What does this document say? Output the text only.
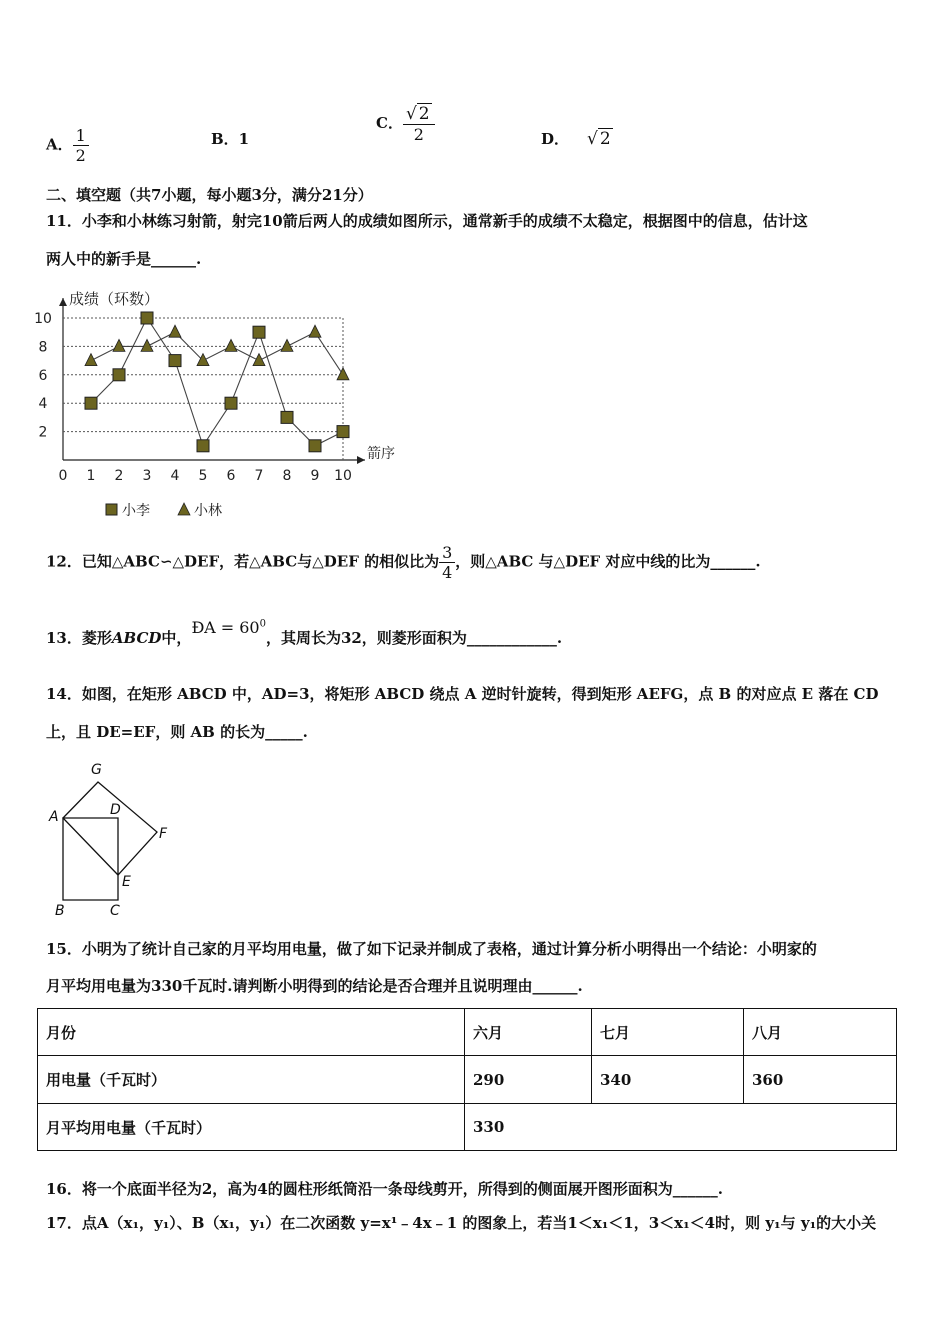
A． $\frac{1}{2}$	B．1
C． $\frac{√ 2}{2}$	D． √ 2
二、填空题（共7小题，每小题3分，满分21分）
11．小李和小林练习射箭，射完10箭后两人的成绩如图所示，通常新手的成绩不太稳定，根据图中的信息，估计这
两人中的新手是______.
2
4
6
8
10
0 1 2 3 4 5 6 7 8 9 10
成绩（环数）
箭序
小李	小林
12．已知△ABC∽△DEF，若△ABC与△DEF 的相似比为 $\frac{3}{4}$ ，则△ABC 与△DEF 对应中线的比为______.
13．菱形ABCD中，ÐA = $60^0$，其周长为32，则菱形面积为____________.
14．如图，在矩形 ABCD 中，AD=3，将矩形 ABCD 绕点 A 逆时针旋转，得到矩形 AEFG，点 B 的对应点 E 落在 CD
上，且 DE=EF，则 AB 的长为_____.
G
D
A
F
E
B	C
15．小明为了统计自己家的月平均用电量，做了如下记录并制成了表格，通过计算分析小明得出一个结论：小明家的
月平均用电量为330千瓦时.请判断小明得到的结论是否合理并且说明理由______.
月份	六月	七月	八月
用电量（千瓦时）	290	340	360
月平均用电量（千瓦时）	330		
16．将一个底面半径为2，高为4的圆柱形纸筒沿一条母线剪开，所得到的侧面展开图形面积为______.
17．点A（x₁，y₁）、B（x₁，y₁）在二次函数 y=x¹﹣4x﹣1 的图象上，若当1＜x₁＜1，3＜x₁＜4时，则 y₁与 y₁的大小关
